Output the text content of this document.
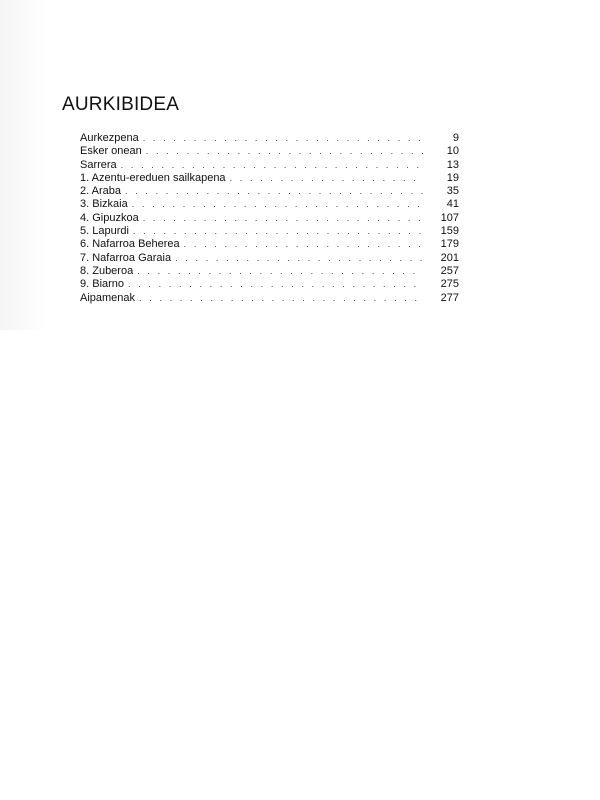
AURKIBIDEA
Aurkezpena . . .	9
Esker onean . . .	10
Sarrera . . .	13
1. Azentu-ereduen sailkapena . . .	19
2. Araba . . .	35
3. Bizkaia . . .	41
4. Gipuzkoa . . .	107
5. Lapurdi . . .	159
6. Nafarroa Beherea . . .	179
7. Nafarroa Garaia . . .	201
8. Zuberoa . . .	257
9. Biarno . . .	275
Aipamenak . . .	277
